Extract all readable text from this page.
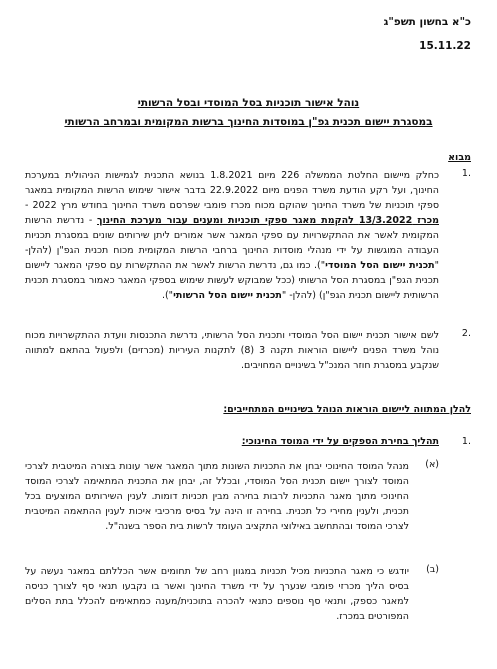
כ"א בחשון תשפ"ג
15.11.22
נוהל אישור תוכניות בסל המוסדי ובסל הרשותי
במסגרת יישום תכנית גפ"ן במוסדות החינוך ברשות המקומית ובמרחב הרשותי
מבוא
.1
כחלק מיישום החלטת הממשלה 226 מיום 1.8.2021 בנושא התכנית לגמישות הניהולית במערכת החינוך, ועל רקע הודעת משרד הפנים מיום 22.9.2022 בדבר אישור שימוש הרשות המקומית במאגר ספקי תוכניות של משרד החינוך שהוקם מכוח מכרז פומבי שפרסם משרד החינוך בחודש מרץ 2022 - מכרז 13/3.2022 להקמת מאגר ספקי תוכניות ומענים עבור מערכת החינוך - נדרשת הרשות המקומית לאשר את ההתקשרויות עם ספקי המאגר אשר אמורים ליתן שירותים שונים במסגרת תכניות העבודה המוגשות על ידי מנהלי מוסדות החינוך ברחבי הרשות המקומית מכוח תכנית הגפ"ן (להלן- "תכנית יישום הסל המוסדי"). כמו גם, נדרשת הרשות לאשר את ההתקשרות עם ספקי המאגר ליישום תכנית הגפ"ן במסגרת הסל הרשותי (ככל שמבוקש לעשות שימוש בספקי המאגר כאמור במסגרת תכנית הרשותית ליישום תכנית הגפ"ן) (להלן- "תכנית יישום הסל הרשותי").
.2
לשם אישור תכנית יישום הסל המוסדי ותכנית הסל הרשותי, נדרשת התכנסות וועדת ההתקשרויות מכוח נוהל משרד הפנים ליישום הוראות תקנה 3 (8) לתקנות העיריות (מכרזים) ולפעול בהתאם למתווה שנקבע במסגרת חוזר המנכ"ל בשינויים המחויבים.
להלן המתווה ליישום הוראות הנוהל בשינויים המתחייבים:
.1
תהליך בחירת הספקים על ידי המוסד החינוכי:
(א)
מנהל המוסד החינוכי יבחן את התכניות השונות מתוך המאגר אשר עונות בצורה המיטבית לצרכי המוסד לצורך יישום תכנית הסל המוסדי, ובכלל זה, יבחן את התכנית המתאימה לצרכי המוסד החינוכי מתוך מאגר התכניות לרבות בחירה מבין תכניות דומות. לענין השירותים המוצעים בכל תכנית, ולענין מחירי כל תכנית. בחירה זו הינה על בסיס מרכיבי איכות לענין ההתאמה המיטבית לצרכי המוסד ובהתחשב באילוצי התקציב העומד לרשות בית הספר בשנה"ל.
(ב)
יודגש כי מאגר התכניות מכיל תכניות במגוון רחב של תחומים אשר הכללתם במאגר נעשה על בסיס הליך מכרזי פומבי שנערך על ידי משרד החינוך ואשר בו נקבעו תנאי סף לצורך כניסה למאגר כספק, ותנאי סף נוספים כתנאי להכרה בתוכנית/מענה כמתאימים להכלל בתת הסלים המפורטים במכרז.
